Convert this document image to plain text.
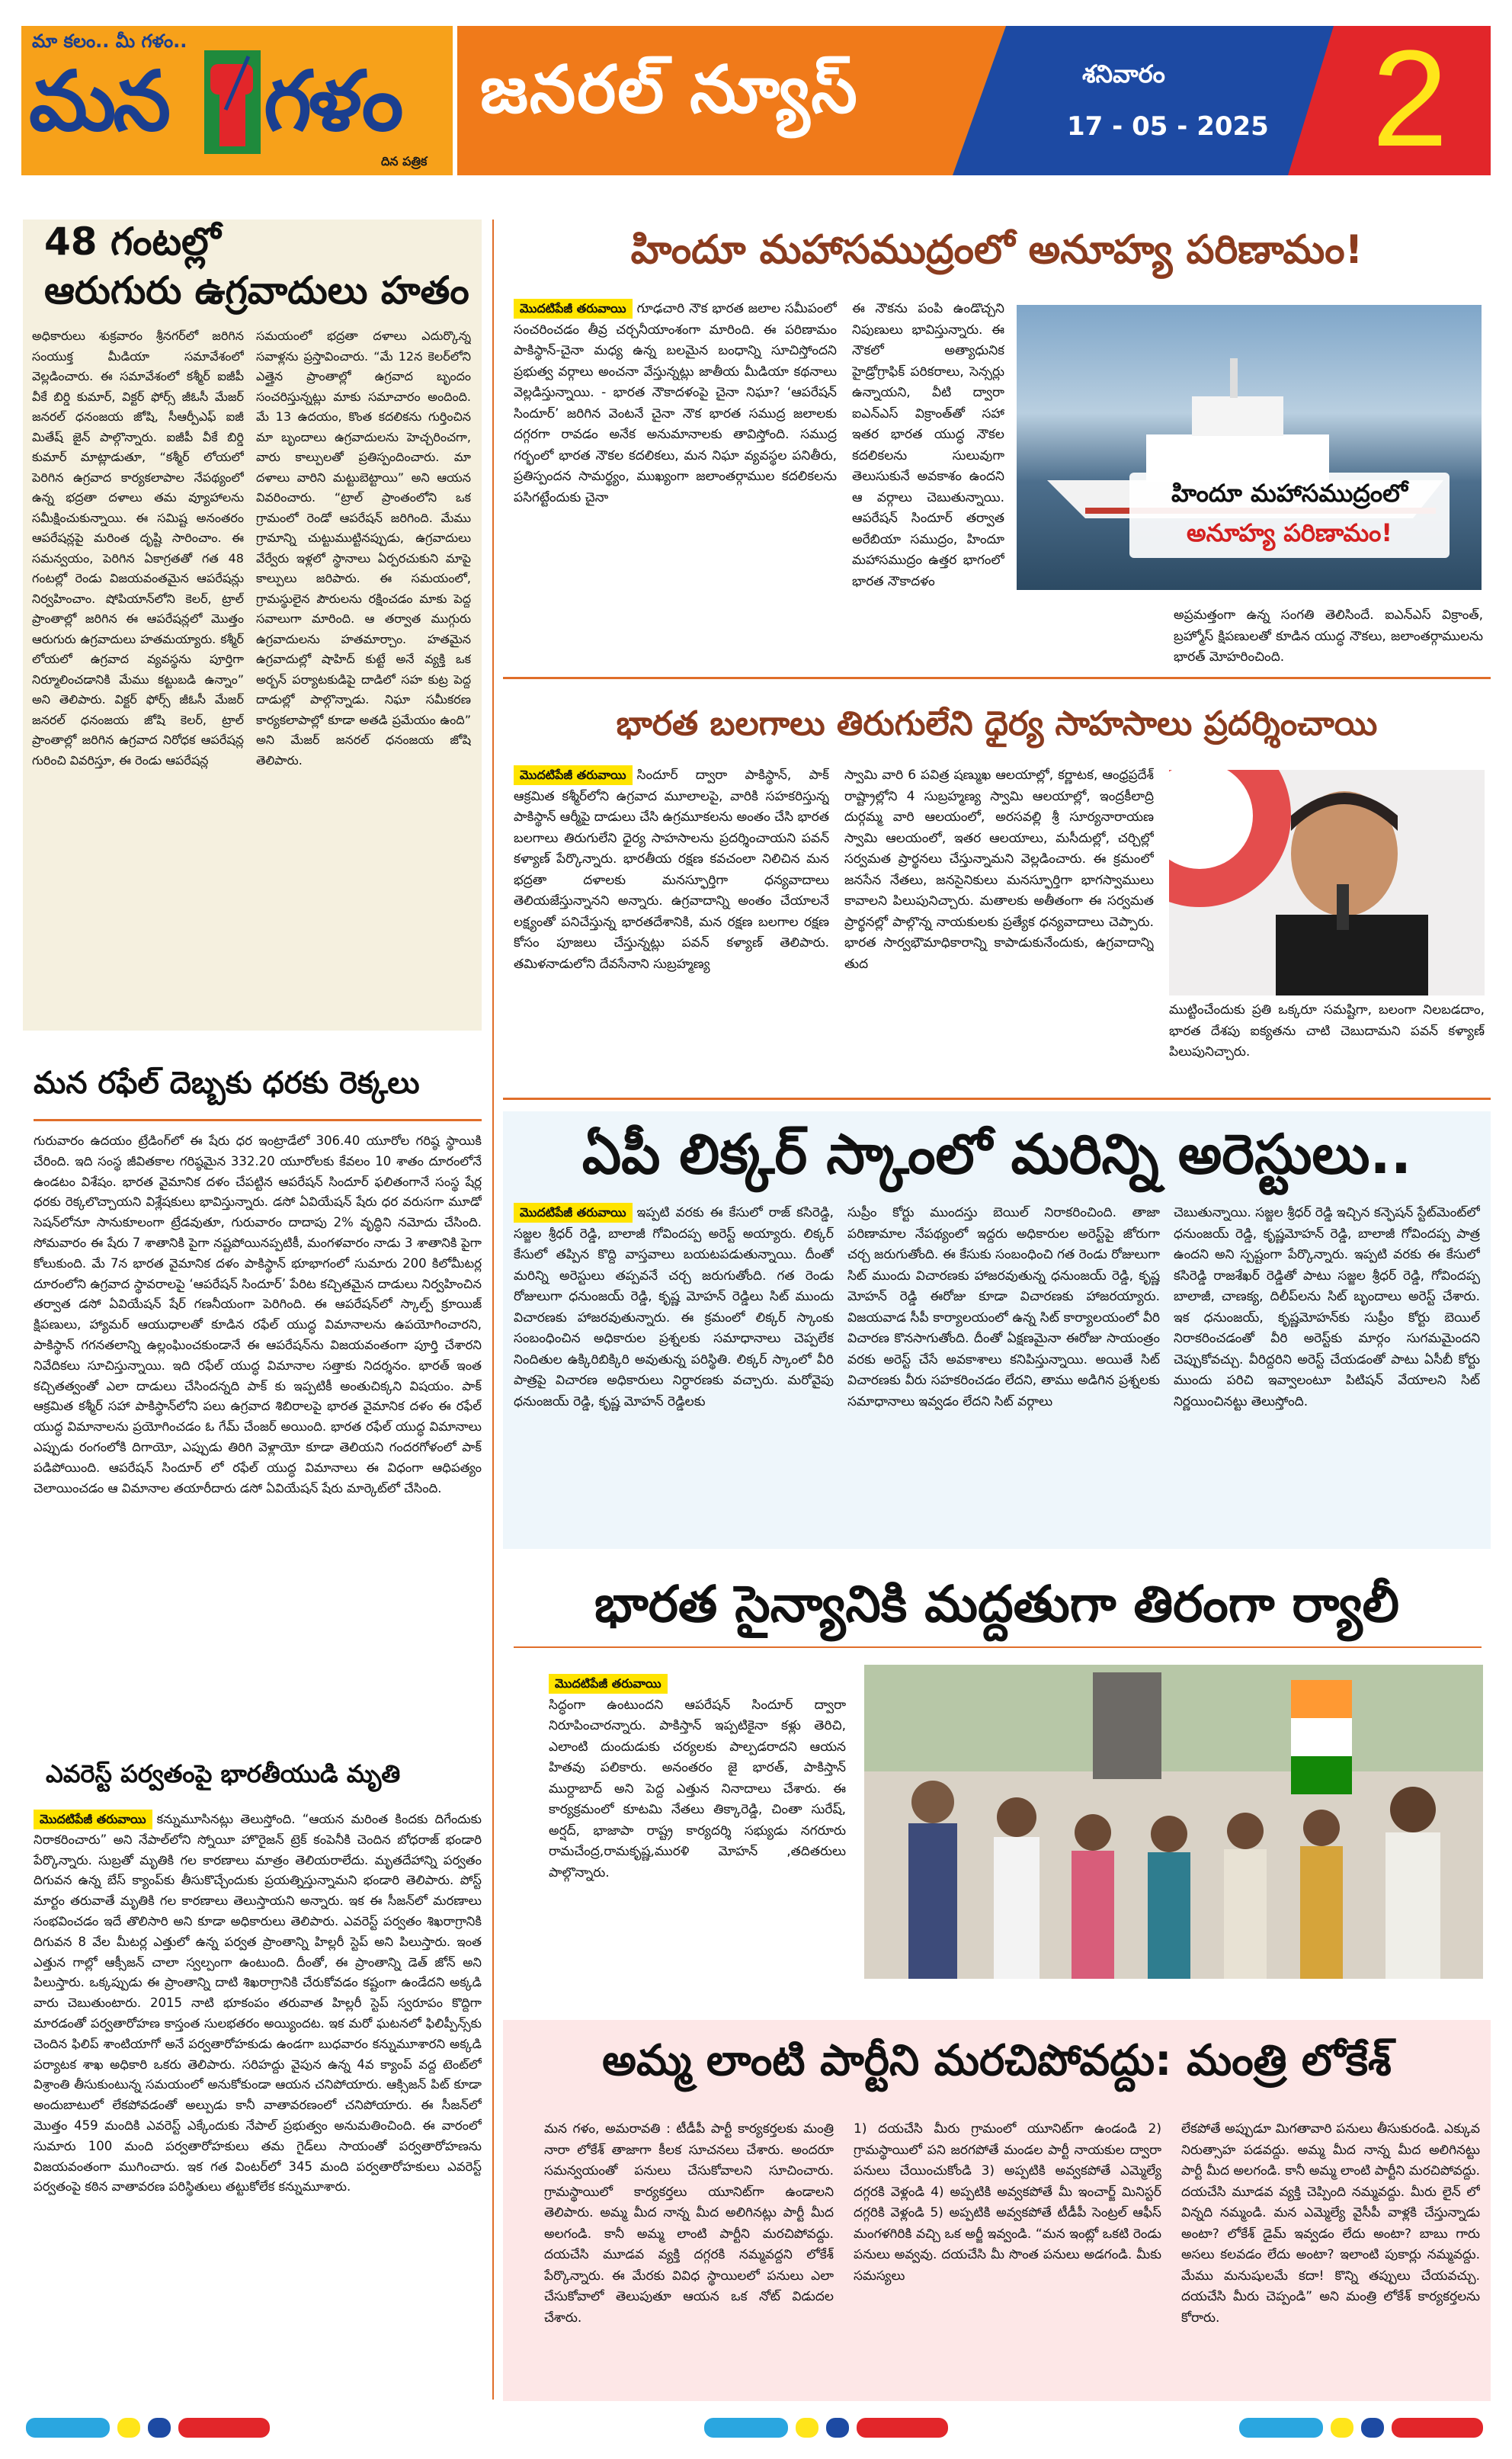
మా కలం.. మీ గళం..
మన గళం
దిన పత్రిక
జనరల్ న్యూస్	శనివారం
17 - 05 - 2025 2
48 గంటల్లో
ఆరుగురు ఉగ్రవాదులు హతం
అధికారులు శుక్రవారం శ్రీనగర్‌లో జరిగిన సంయుక్త మీడియా సమావేశంలో వెల్లడించారు. ఈ సమావేశంలో కశ్మీర్ ఐజీపీ వీకే బిర్డి కుమార్, విక్టర్ ఫోర్స్ జీఓసీ మేజర్ జనరల్ ధనంజయ జోషి, సీఆర్పీఎఫ్ ఐజీ మితేష్ జైన్ పాల్గొన్నారు. ఐజీపీ వీకే బిర్డి కుమార్ మాట్లాడుతూ, “కశ్మీర్ లోయలో పెరిగిన ఉగ్రవాద కార్యకలాపాల నేపథ్యంలో ఉన్న భద్రతా దళాలు తమ వ్యూహాలను సమీక్షించుకున్నాయి. ఈ సమిష్ట అనంతరం ఆపరేషన్లపై మరింత దృష్టి సారించాం. ఈ సమన్వయం, పెరిగిన ఏకాగ్రతతో గత 48 గంటల్లో రెండు విజయవంతమైన ఆపరేషన్లు నిర్వహించాం. షోపియాన్‌లోని కెలర్, ట్రాల్ ప్రాంతాల్లో జరిగిన ఈ ఆపరేషన్లలో మొత్తం ఆరుగురు ఉగ్రవాదులు హతమయ్యారు. కశ్మీర్ లోయలో ఉగ్రవాద వ్యవస్థను పూర్తిగా నిర్మూలించడానికి మేము కట్టుబడి ఉన్నాం” అని తెలిపారు. విక్టర్ ఫోర్స్ జీఓసీ మేజర్ జనరల్ ధనంజయ జోషి కెలర్, ట్రాల్ ప్రాంతాల్లో జరిగిన ఉగ్రవాద నిరోధక ఆపరేషన్ల గురించి వివరిస్తూ, ఈ రెండు ఆపరేషన్ల
సమయంలో భద్రతా దళాలు ఎదుర్కొన్న సవాళ్లను ప్రస్తావించారు. “మే 12న కెలర్‌లోని ఎత్తైన ప్రాంతాల్లో ఉగ్రవాద బృందం సంచరిస్తున్నట్లు మాకు సమాచారం అందింది. మే 13 ఉదయం, కొంత కదలికను గుర్తించిన మా బృందాలు ఉగ్రవాదులను హెచ్చరించగా, వారు కాల్పులతో ప్రతిస్పందించారు. మా దళాలు వారిని మట్టుబెట్టాయి” అని ఆయన వివరించారు. “ట్రాల్ ప్రాంతంలోని ఒక గ్రామంలో రెండో ఆపరేషన్ జరిగింది. మేము గ్రామాన్ని చుట్టుముట్టినప్పుడు, ఉగ్రవాదులు వేర్వేరు ఇళ్లలో స్థానాలు ఏర్పరచుకుని మాపై కాల్పులు జరిపారు. ఈ సమయంలో, గ్రామస్థులైన పౌరులను రక్షించడం మాకు పెద్ద సవాలుగా మారింది. ఆ తర్వాత ముగ్గురు ఉగ్రవాదులను హతమార్చాం. హతమైన ఉగ్రవాదుల్లో షాహిద్ కుట్టే అనే వ్యక్తి ఒక అర్బన్ పర్యాటకుడిపై దాడిలో సహ కుట్ర పెద్ద దాడుల్లో పాల్గొన్నాడు. నిఘా సమీకరణ కార్యకలాపాల్లో కూడా అతడి ప్రమేయం ఉంది” అని మేజర్ జనరల్ ధనంజయ జోషి తెలిపారు.
మన రఫేల్ దెబ్బకు ధరకు రెక్కలు
గురువారం ఉదయం ట్రేడింగ్‌లో ఈ షేరు ధర ఇంట్రాడేలో 306.40 యూరోల గరిష్ఠ స్థాయికి చేరింది. ఇది సంస్థ జీవితకాల గరిష్ఠమైన 332.20 యూరోలకు కేవలం 10 శాతం దూరంలోనే ఉండటం విశేషం. భారత వైమానిక దళం చేపట్టిన ఆపరేషన్ సిందూర్ ఫలితంగానే సంస్థ షేర్ల ధరకు రెక్కలొచ్చాయని విశ్లేషకులు భావిస్తున్నారు. డసో ఏవియేషన్ షేరు ధర వరుసగా మూడో సెషన్‌లోనూ సానుకూలంగా ట్రేడవుతూ, గురువారం దాదాపు 2% వృద్ధిని నమోదు చేసింది. సోమవారం ఈ షేరు 7 శాతానికి పైగా నష్టపోయినప్పటికీ, మంగళవారం నాడు 3 శాతానికి పైగా కోలుకుంది. మే 7న భారత వైమానిక దళం పాకిస్థాన్ భూభాగంలో సుమారు 200 కిలోమీటర్ల దూరంలోని ఉగ్రవాద స్థావరాలపై ‘ఆపరేషన్ సిందూర్’ పేరిట కచ్చితమైన దాడులు నిర్వహించిన తర్వాత డసో ఏవియేషన్ షేర్ గణనీయంగా పెరిగింది. ఈ ఆపరేషన్‌లో స్కాల్ప్ క్రూయిజ్ క్షిపణులు, హ్యామర్ ఆయుధాలతో కూడిన రఫేల్ యుద్ధ విమానాలను ఉపయోగించారని, పాకిస్థాన్ గగనతలాన్ని ఉల్లంఘించకుండానే ఈ ఆపరేషన్‌ను విజయవంతంగా పూర్తి చేశారని నివేదికలు సూచిస్తున్నాయి. ఇది రఫేల్ యుద్ధ విమానాల సత్తాకు నిదర్శనం. భారత్ ఇంత కచ్చితత్వంతో ఎలా దాడులు చేసిందన్నది పాక్ కు ఇప్పటికీ అంతుచిక్కని విషయం. పాక్ ఆక్రమిత కశ్మీర్ సహా పాకిస్థాన్‌లోని పలు ఉగ్రవాద శిబిరాలపై భారత వైమానిక దళం ఈ రఫేల్ యుద్ధ విమానాలను ప్రయోగించడం ఓ గేమ్ చేంజర్ అయింది. భారత రఫేల్ యుద్ధ విమానాలు ఎప్పుడు రంగంలోకి దిగాయో, ఎప్పుడు తిరిగి వెళ్లాయో కూడా తెలియని గందరగోళంలో పాక్ పడిపోయింది. ఆపరేషన్ సిందూర్ లో రఫేల్ యుద్ధ విమానాలు ఈ విధంగా ఆధిపత్యం చెలాయించడం ఆ విమానాల తయారీదారు డసో ఏవియేషన్ షేరు మార్కెట్‌లో చేసింది.
ఎవరెస్ట్ పర్వతంపై భారతీయుడి మృతి
మొదటిపేజీ తరువాయి కన్నుమూసినట్లు తెలుస్తోంది. “ఆయన మరింత కిందకు దిగేందుకు నిరాకరించారు” అని నేపాల్‌లోని స్నోయీ హొరైజన్ ట్రెక్ కంపెనీకి చెందిన బోధరాజ్ భండారి పేర్కొన్నారు. సుబ్రతో మృతికి గల కారణాలు మాత్రం తెలియరాలేదు. మృతదేహాన్ని పర్వతం దిగువన ఉన్న బేస్ క్యాంప్‌కు తీసుకొచ్చేందుకు ప్రయత్నిస్తున్నామని భండారి తెలిపారు. పోస్ట్ మార్టం తరువాతే మృతికి గల కారణాలు తెలుస్తాయని అన్నారు. ఇక ఈ సీజన్‌లో మరణాలు సంభవించడం ఇదే తొలిసారి అని కూడా అధికారులు తెలిపారు. ఎవరెస్ట్ పర్వతం శిఖరాగ్రానికి దిగువన 8 వేల మీటర్ల ఎత్తులో ఉన్న పర్వత ప్రాంతాన్ని హిల్లరీ స్టెప్ అని పిలుస్తారు. ఇంత ఎత్తున గాల్లో ఆక్సీజన్ చాలా స్వల్పంగా ఉంటుంది. దీంతో, ఈ ప్రాంతాన్ని డెత్ జోన్ అని పిలుస్తారు. ఒక్కప్పుడు ఈ ప్రాంతాన్ని దాటి శిఖరాగ్రానికి చేరుకోవడం కష్టంగా ఉండేదని అక్కడి వారు చెబుతుంటారు. 2015 నాటి భూకంపం తరువాత హిల్లరీ స్టెప్ స్వరూపం కొద్దిగా మారడంతో పర్వతారోహణ కాస్తంత సులభతరం అయ్యిందట. ఇక మరో ఘటనలో ఫిలిప్పీన్స్‌కు చెందిన ఫిలిప్ శాంటియాగో అనే పర్వతారోహకుడు ఉండగా బుధవారం కన్నుమూశారని అక్కడి పర్యాటక శాఖ అధికారి ఒకరు తెలిపారు. సరిహద్దు వైపున ఉన్న 4వ క్యాంప్‌ వద్ద టెంట్‌లో విశ్రాంతి తీసుకుంటున్న సమయంలో అనుకోకుండా ఆయన చనిపోయారు. ఆక్సిజన్ పిట్ కూడా అందుబాటులో లేకపోవడంతో అల్పుడు కానీ వాతావరణంలో చనిపోయారు. ఈ సీజన్‌లో మొత్తం 459 మందికి ఎవరెస్ట్ ఎక్కేందుకు నేపాల్ ప్రభుత్వం అనుమతించింది. ఈ వారంలో సుమారు 100 మంది పర్వతారోహకులు తమ గైడ్‌లు సాయంతో పర్వతారోహణను విజయవంతంగా ముగించారు. ఇక గత వింటర్‌లో 345 మంది పర్వతారోహకులు ఎవరెస్ట్ పర్వతంపై కఠిన వాతావరణ పరిస్థితులు తట్టుకోలేక కన్నుమూశారు.
హిందూ మహాసముద్రంలో అనూహ్య పరిణామం!
మొదటిపేజీ తరువాయి గూఢచారి నౌక భారత జలాల సమీపంలో సంచరించడం తీవ్ర చర్చనీయాంశంగా మారింది. ఈ పరిణామం పాకిస్థాన్-చైనా మధ్య ఉన్న బలమైన బంధాన్ని సూచిస్తోందని ప్రభుత్వ వర్గాలు అంచనా వేస్తున్నట్లు జాతీయ మీడియా కథనాలు వెల్లడిస్తున్నాయి. - భారత నౌకాదళంపై చైనా నిఘా? ‘ఆపరేషన్ సిందూర్’ జరిగిన వెంటనే చైనా నౌక భారత సముద్ర జలాలకు దగ్గరగా రావడం అనేక అనుమానాలకు తావిస్తోంది. సముద్ర గర్భంలో భారత నౌకల కదలికలు, మన నిఘా వ్యవస్థల పనితీరు, ప్రతిస్పందన సామర్థ్యం, ముఖ్యంగా జలాంతర్గాముల కదలికలను పసిగట్టేందుకు చైనా
ఈ నౌకను పంపి ఉండొచ్చని నిపుణులు భావిస్తున్నారు. ఈ నౌకలో అత్యాధునిక హైడ్రోగ్రాఫిక్ పరికరాలు, సెన్సర్లు ఉన్నాయని, వీటి ద్వారా ఐఎన్ఎస్ విక్రాంత్‌తో సహా ఇతర భారత యుద్ధ నౌకల కదలికలను సులువుగా తెలుసుకునే అవకాశం ఉందని ఆ వర్గాలు చెబుతున్నాయి. ఆపరేషన్ సిందూర్ తర్వాత అరేబియా సముద్రం, హిందూ మహాసముద్రం ఉత్తర భాగంలో భారత నౌకాదళం
హిందూ మహాసముద్రంలో
అనూహ్య పరిణామం!
అప్రమత్తంగా ఉన్న సంగతి తెలిసిందే. ఐఎన్ఎస్ విక్రాంత్, బ్రహ్మోస్ క్షిపణులతో కూడిన యుద్ధ నౌకలు, జలాంతర్గాములను భారత్ మోహరించింది.
భారత బలగాలు తిరుగులేని ధైర్య సాహసాలు ప్రదర్శించాయి
మొదటిపేజీ తరువాయి సిందూర్ ద్వారా పాకిస్థాన్, పాక్ ఆక్రమిత కశ్మీర్‌లోని ఉగ్రవాద మూలాలపై, వారికి సహకరిస్తున్న పాకిస్థాన్ ఆర్మీపై దాడులు చేసి ఉగ్రమూకలను అంతం చేసి భారత బలగాలు తిరుగులేని ధైర్య సాహసాలను ప్రదర్శించాయని పవన్ కళ్యాణ్ పేర్కొన్నారు. భారతీయ రక్షణ కవచంలా నిలిచిన మన భద్రతా దళాలకు మనస్ఫూర్తిగా ధన్యవాదాలు తెలియజేస్తున్నానని అన్నారు. ఉగ్రవాదాన్ని అంతం చేయాలనే లక్ష్యంతో పనిచేస్తున్న భారతదేశానికి, మన రక్షణ బలగాల రక్షణ కోసం పూజలు చేస్తున్నట్లు పవన్ కళ్యాణ్ తెలిపారు. తమిళనాడులోని దేవసేనాని సుబ్రహ్మణ్య
స్వామి వారి 6 పవిత్ర షణ్ముఖ ఆలయాల్లో, కర్ణాటక, ఆంధ్రప్రదేశ్ రాష్ట్రాల్లోని 4 సుబ్రహ్మణ్య స్వామి ఆలయాల్లో, ఇంద్రకీలాద్రి దుర్గమ్మ వారి ఆలయంలో, అరసవల్లి శ్రీ సూర్యనారాయణ స్వామి ఆలయంలో, ఇతర ఆలయాలు, మసీదుల్లో, చర్చిల్లో సర్వమత ప్రార్థనలు చేస్తున్నామని వెల్లడించారు. ఈ క్రమంలో జనసేన నేతలు, జనసైనికులు మనస్ఫూర్తిగా భాగస్వాములు కావాలని పిలుపునిచ్చారు. మతాలకు అతీతంగా ఈ సర్వమత ప్రార్థనల్లో పాల్గొన్న నాయకులకు ప్రత్యేక ధన్యవాదాలు చెప్పారు. భారత సార్వభౌమాధికారాన్ని కాపాడుకునేందుకు, ఉగ్రవాదాన్ని తుద
ముట్టించేందుకు ప్రతి ఒక్కరూ సమష్టిగా, బలంగా నిలబడదాం, భారత దేశపు ఐక్యతను చాటి చెబుదామని పవన్ కళ్యాణ్ పిలుపునిచ్చారు.
ఏపీ లిక్కర్ స్కాంలో మరిన్ని అరెస్టులు..
మొదటిపేజీ తరువాయి ఇప్పటి వరకు ఈ కేసులో రాజ్ కసిరెడ్డి, సజ్జల శ్రీధర్ రెడ్డి, బాలాజీ గోవిందప్ప అరెస్ట్ అయ్యారు. లిక్కర్ కేసులో తప్పిన కొద్ది వాస్తవాలు బయటపడుతున్నాయి. దీంతో మరిన్ని అరెస్టులు తప్పవనే చర్చ జరుగుతోంది. గత రెండు రోజులుగా ధనుంజయ్ రెడ్డి, కృష్ణ మోహన్ రెడ్డిలు సిట్ ముందు విచారణకు హాజరవుతున్నారు. ఈ క్రమంలో లిక్కర్ స్కాంకు సంబంధించిన అధికారుల ప్రశ్నలకు సమాధానాలు చెప్పలేక నిందితుల ఉక్కిరిబిక్కిరి అవుతున్న పరిస్థితి. లిక్కర్ స్కాంలో వీరి పాత్రపై విచారణ అధికారులు నిర్ధారణకు వచ్చారు. మరోవైపు ధనుంజయ్ రెడ్డి, కృష్ణ మోహన్ రెడ్డిలకు
సుప్రీం కోర్టు ముందస్తు బెయిల్ నిరాకరించింది. తాజా పరిణామాల నేపథ్యంలో ఇద్దరు అధికారుల అరెస్ట్‌పై జోరుగా చర్చ జరుగుతోంది. ఈ కేసుకు సంబంధించి గత రెండు రోజులుగా సిట్ ముందు విచారణకు హాజరవుతున్న ధనుంజయ్ రెడ్డి, కృష్ణ మోహన్ రెడ్డి ఈరోజు కూడా విచారణకు హాజరయ్యారు. విజయవాడ సీపీ కార్యాలయంలో ఉన్న సిట్ కార్యాలయంలో వీరి విచారణ కొనసాగుతోంది. దీంతో ఏక్షణమైనా ఈరోజు సాయంత్రం వరకు అరెస్ట్ చేసే అవకాశాలు కనిపిస్తున్నాయి. అయితే సిట్ విచారణకు వీరు సహకరించడం లేదని, తాము అడిగిన ప్రశ్నలకు సమాధానాలు ఇవ్వడం లేదని సిట్ వర్గాలు
చెబుతున్నాయి. సజ్జల శ్రీధర్ రెడ్డి ఇచ్చిన కన్ఫెషన్ స్టేట్‌మెంట్‌లో ధనుంజయ్ రెడ్డి, కృష్ణమోహన్ రెడ్డి, బాలాజీ గోవిందప్ప పాత్ర ఉందని అని స్పష్టంగా పేర్కొన్నారు. ఇప్పటి వరకు ఈ కేసులో కసిరెడ్డి రాజశేఖర్ రెడ్డితో పాటు సజ్జల శ్రీధర్ రెడ్డి, గోవిందప్ప బాలాజీ, చాణక్య, దిలీప్‌లను సిట్ బృందాలు అరెస్ట్ చేశారు. ఇక ధనుంజయ్, కృష్ణమోహన్‌కు సుప్రీం కోర్టు బెయిల్ నిరాకరించడంతో వీరి అరెస్ట్‌కు మార్గం సుగమమైందని చెప్పుకోవచ్చు. వీరిద్దరిని అరెస్ట్ చేయడంతో పాటు ఏసీబీ కోర్టు ముందు పరిచి ఇవ్వాలంటూ పిటిషన్ వేయాలని సిట్ నిర్ణయించినట్టు తెలుస్తోంది.
భారత సైన్యానికి మద్దతుగా తిరంగా ర్యాలీ
మొదటిపేజీ తరువాయి
సిద్ధంగా ఉంటుందని ఆపరేషన్ సిందూర్ ద్వారా నిరూపించారన్నారు. పాకిస్తాన్ ఇప్పటికైనా కళ్లు తెరిచి, ఎలాంటి దుందుడుకు చర్యలకు పాల్పడరాదని ఆయన హితవు పలికారు. అనంతరం జై భారత్, పాకిస్తాన్ ముర్దాబాద్ అని పెద్ద ఎత్తున నినాదాలు చేశారు. ఈ కార్యక్రమంలో కూటమి నేతలు తిక్కారెడ్డి, చింతా సురేష్, అర్షద్, భాజాపా రాష్ట్ర కార్యదర్శి సభ్యుడు నగరూరు రామచేంద్ర,రామకృష్ణ,మురళి మోహన్ ,తదితరులు పాల్గొన్నారు.
అమ్మ లాంటి పార్టీని మరచిపోవద్దు: మంత్రి లోకేశ్
మన గళం, అమరావతి : టీడీపీ పార్టీ కార్యకర్తలకు మంత్రి నారా లోకేశ్ తాజాగా కీలక సూచనలు చేశారు. అందరూ సమన్వయంతో పనులు చేసుకోవాలని సూచించారు. గ్రామస్థాయిలో కార్యకర్తలు యూనిట్‌గా ఉండాలని తెలిపారు. అమ్మ మీద నాన్న మీద అలిగినట్లు పార్టీ మీద అలగండి. కానీ అమ్మ లాంటి పార్టీని మరచిపోవద్దు. దయచేసి మూడవ వ్యక్తి దగ్గరకి నమ్మవద్దని లోకేశ్ పేర్కొన్నారు. ఈ మేరకు వివిధ స్థాయిలలో పనులు ఎలా చేసుకోవాలో తెలుపుతూ ఆయన ఒక నోట్ విడుదల చేశారు.
1) దయచేసి మీరు గ్రామంలో యూనిట్‌గా ఉండండి 2) గ్రామస్థాయిలో పని జరగపోతే మండల పార్టీ నాయకుల ద్వారా పనులు చేయించుకోండి 3) అప్పటికి అవ్వకపోతే ఎమ్మెల్యే దగ్గరకి వెళ్లండి 4) అప్పటికి అవ్వకపోతే మీ ఇంచార్జ్ మినిస్టర్ దగ్గరికి వెళ్లండి 5) అప్పటికి అవ్వకపోతే టీడీపీ సెంట్రల్ ఆఫీస్ మంగళగిరికి వచ్చి ఒక అర్జీ ఇవ్వండి. “మన ఇంట్లో ఒకటి రెండు పనులు అవ్వవు. దయచేసి మీ సొంత పనులు అడగండి. మీకు సమస్యలు
లేకపోతే అప్పుడూ మిగతావారి పనులు తీసుకురండి. ఎక్కువ నిరుత్సాహ పడవద్దు. అమ్మ మీద నాన్న మీద అలిగినట్టు పార్టీ మీద అలగండి. కానీ అమ్మ లాంటి పార్టీని మరచిపోవద్దు. దయచేసి మూడవ వ్యక్తి చెప్పింది నమ్మవద్దు. మీరు లైన్ లో విన్నది నమ్మండి. మన ఎమ్మెల్యే వైసీపీ వాళ్లకి చేస్తున్నాడు అంటా? లోకేశ్ డైమ్ ఇవ్వడం లేదు అంటా? బాబు గారు అసలు కలవడం లేదు అంటా? ఇలాంటి పుకార్లు నమ్మవద్దు. మేము మనుషులమే కదా! కొన్ని తప్పులు చేయవచ్చు. దయచేసి మీరు చెప్పండి” అని మంత్రి లోకేశ్ కార్యకర్తలను కోరారు.
